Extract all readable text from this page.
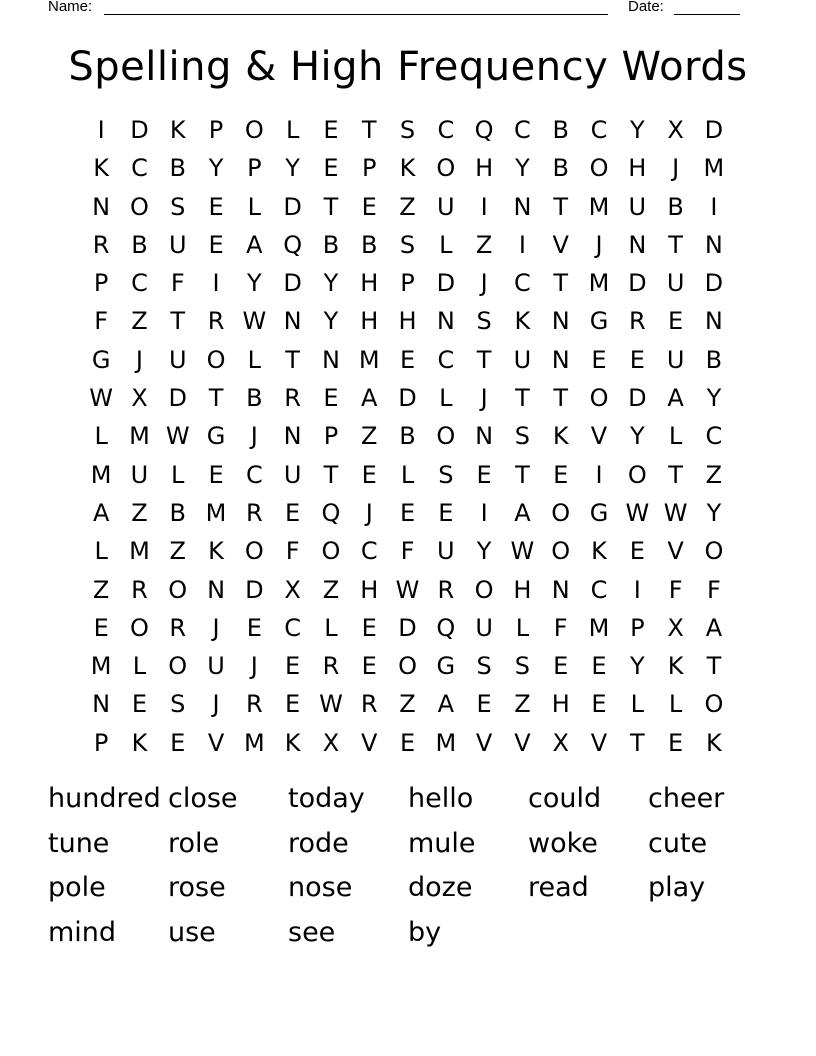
Name:	Date:
Spelling & High Frequency Words
I	D K P O L	E T S C Q C B C Y X D
K C B Y P Y E P K O H Y B O H	J	M
N O S E	L D T E Z U	I	N T M U B	I
R B U E A Q B B S L Z	I	V	J	N T N
P C F	I	Y D Y H P D	J	C T M D U D
F Z T R W N Y H H N S K N G R E N
G	J	U O L	T N M E C T U N E E U B
W X D T B R E A D L	J	T T O D A Y
L M W G	J	N P Z B O N S K V Y	L C
M U L	E C U T E	L	S E T E	I	O T Z
A Z B M R E Q	J	E E	I	A O G W W Y
L M Z K O F O C F U Y W O K E V O
Z R O N D X Z H W R O H N C	I	F	F
E O R	J	E C L	E D Q U L	F M P X A
M L O U	J	E R E O G S S E E Y K T
N E S	J	R E W R Z A E Z H E	L	L O
P K E V M K X V E M V V X V T E K
hundred close	today	hello	could	cheer
tune	role	rode	mule	woke	cute
pole	rose	nose	doze	read	play
mind	use	see	by
